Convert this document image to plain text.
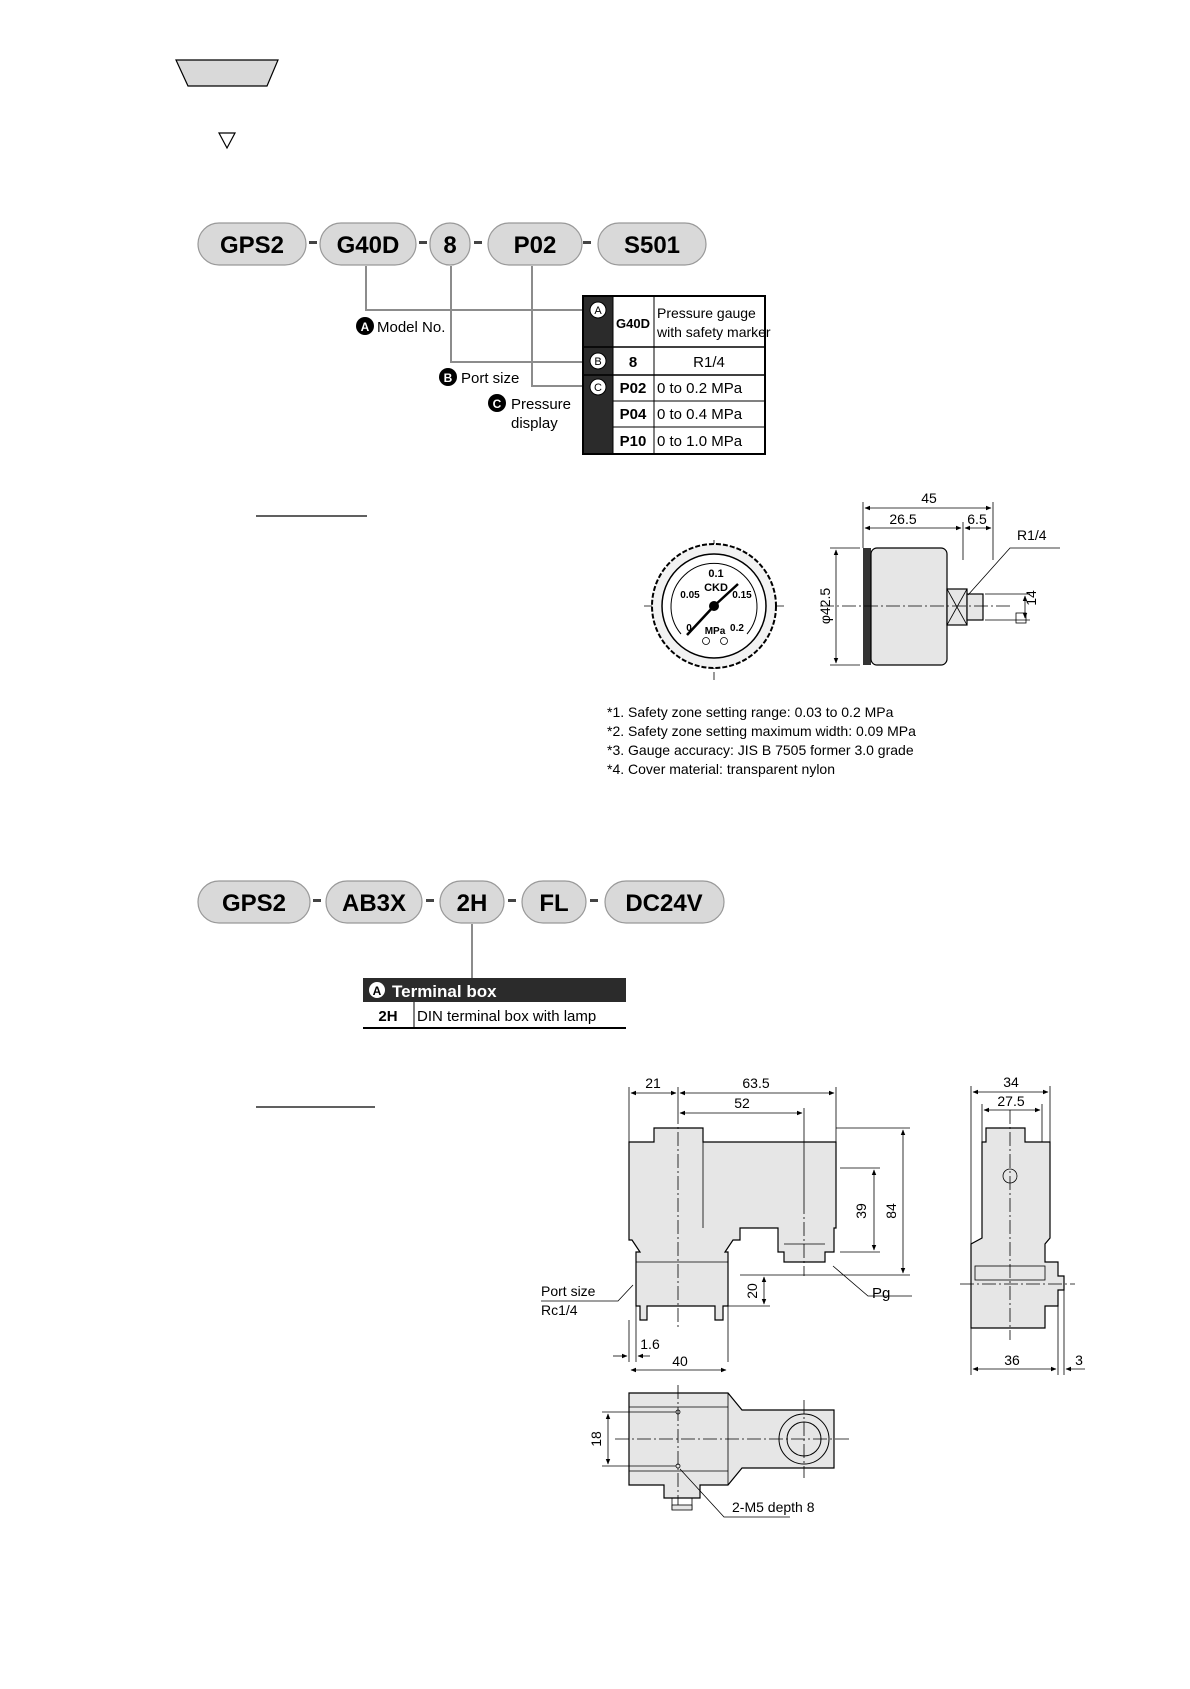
GPS2 G40D 8 P02	S501
A Model No.
B Port size
C Pressure
display
A
B
C
G40D
Pressure gauge
with safety marker
8	R1/4
P02 0 to 0.2 MPa
P04 0 to 0.4 MPa
P10 0 to 1.0 MPa
0.1
CKD
0.05	0.15
0 MPa 0.2
45
26.5	6.5
R1/4
φ42.5	14
*1. Safety zone setting range: 0.03 to 0.2 MPa
*2. Safety zone setting maximum width: 0.09 MPa
*3. Gauge accuracy: JIS B 7505 former 3.0 grade
*4. Cover material: transparent nylon
GPS2 AB3X 2H FL DC24V
A Terminal box
2H DIN terminal box with lamp
21	63.5
52
39 84
20
1.6
40
Port size
Rc1/4
Pg
34
27.5
36	3
18
2-M5 depth 8
